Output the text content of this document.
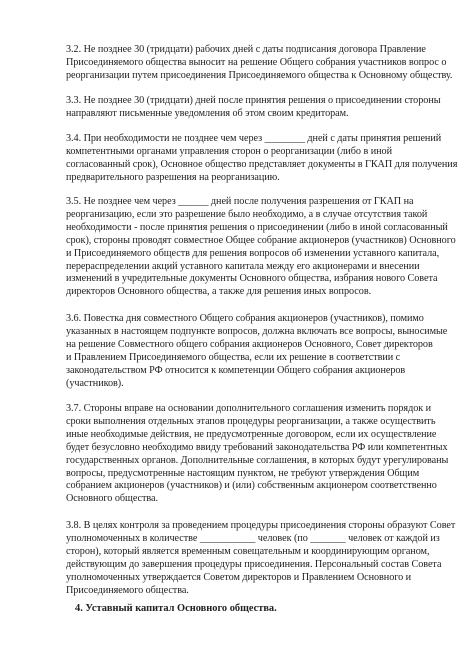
3.2. Не позднее 30 (тридцати) рабочих дней с даты подписания договора Правление
Присоединяемого общества выносит на решение Общего собрания участников вопрос о
реорганизации путем присоединения Присоединяемого общества к Основному обществу.
3.3. Не позднее 30 (тридцати) дней после принятия решения о присоединении стороны
направляют письменные уведомления об этом своим кредиторам.
3.4. При необходимости не позднее чем через ________ дней с даты принятия решений
компетентными органами управления сторон о реорганизации (либо в иной
согласованный срок), Основное общество представляет документы в ГКАП для получения
предварительного разрешения на реорганизацию.
3.5. Не позднее чем через ______ дней после получения разрешения от ГКАП на
реорганизацию, если это разрешение было необходимо, а в случае отсутствия такой
необходимости - после принятия решения о присоединении (либо в иной согласованный
срок), стороны проводят совместное Общее собрание акционеров (участников) Основного
и Присоединяемого обществ для решения вопросов об изменении уставного капитала,
перераспределении акций уставного капитала между его акционерами и внесении
изменений в учредительные документы Основного общества, избрания нового Совета
директоров Основного общества, а также для решения иных вопросов.
3.6. Повестка дня совместного Общего собрания акционеров (участников), помимо
указанных в настоящем подпункте вопросов, должна включать все вопросы, выносимые
на решение Совместного общего собрания акционеров Основного, Совет директоров
и Правлением Присоединяемого общества, если их решение в соответствии с
законодательством РФ относится к компетенции Общего собрания акционеров
(участников).
3.7. Стороны вправе на основании дополнительного соглашения изменить порядок и
сроки выполнения отдельных этапов процедуры реорганизации, а также осуществить
иные необходимые действия, не предусмотренные договором, если их осуществление
будет безусловно необходимо ввиду требований законодательства РФ или компетентных
государственных органов. Дополнительные соглашения, в которых будут урегулированы
вопросы, предусмотренные настоящим пунктом, не требуют утверждения Общим
собранием акционеров (участников) и (или) собственным акционером соответственно
Основного общества.
3.8. В целях контроля за проведением процедуры присоединения стороны образуют Совет
уполномоченных в количестве ___________ человек (по _______ человек от каждой из
сторон), который является временным совещательным и координирующим органом,
действующим до завершения процедуры присоединения. Персональный состав Совета
уполномоченных утверждается Советом директоров и Правлением Основного и
Присоединяемого общества.
4. Уставный капитал Основного общества.
